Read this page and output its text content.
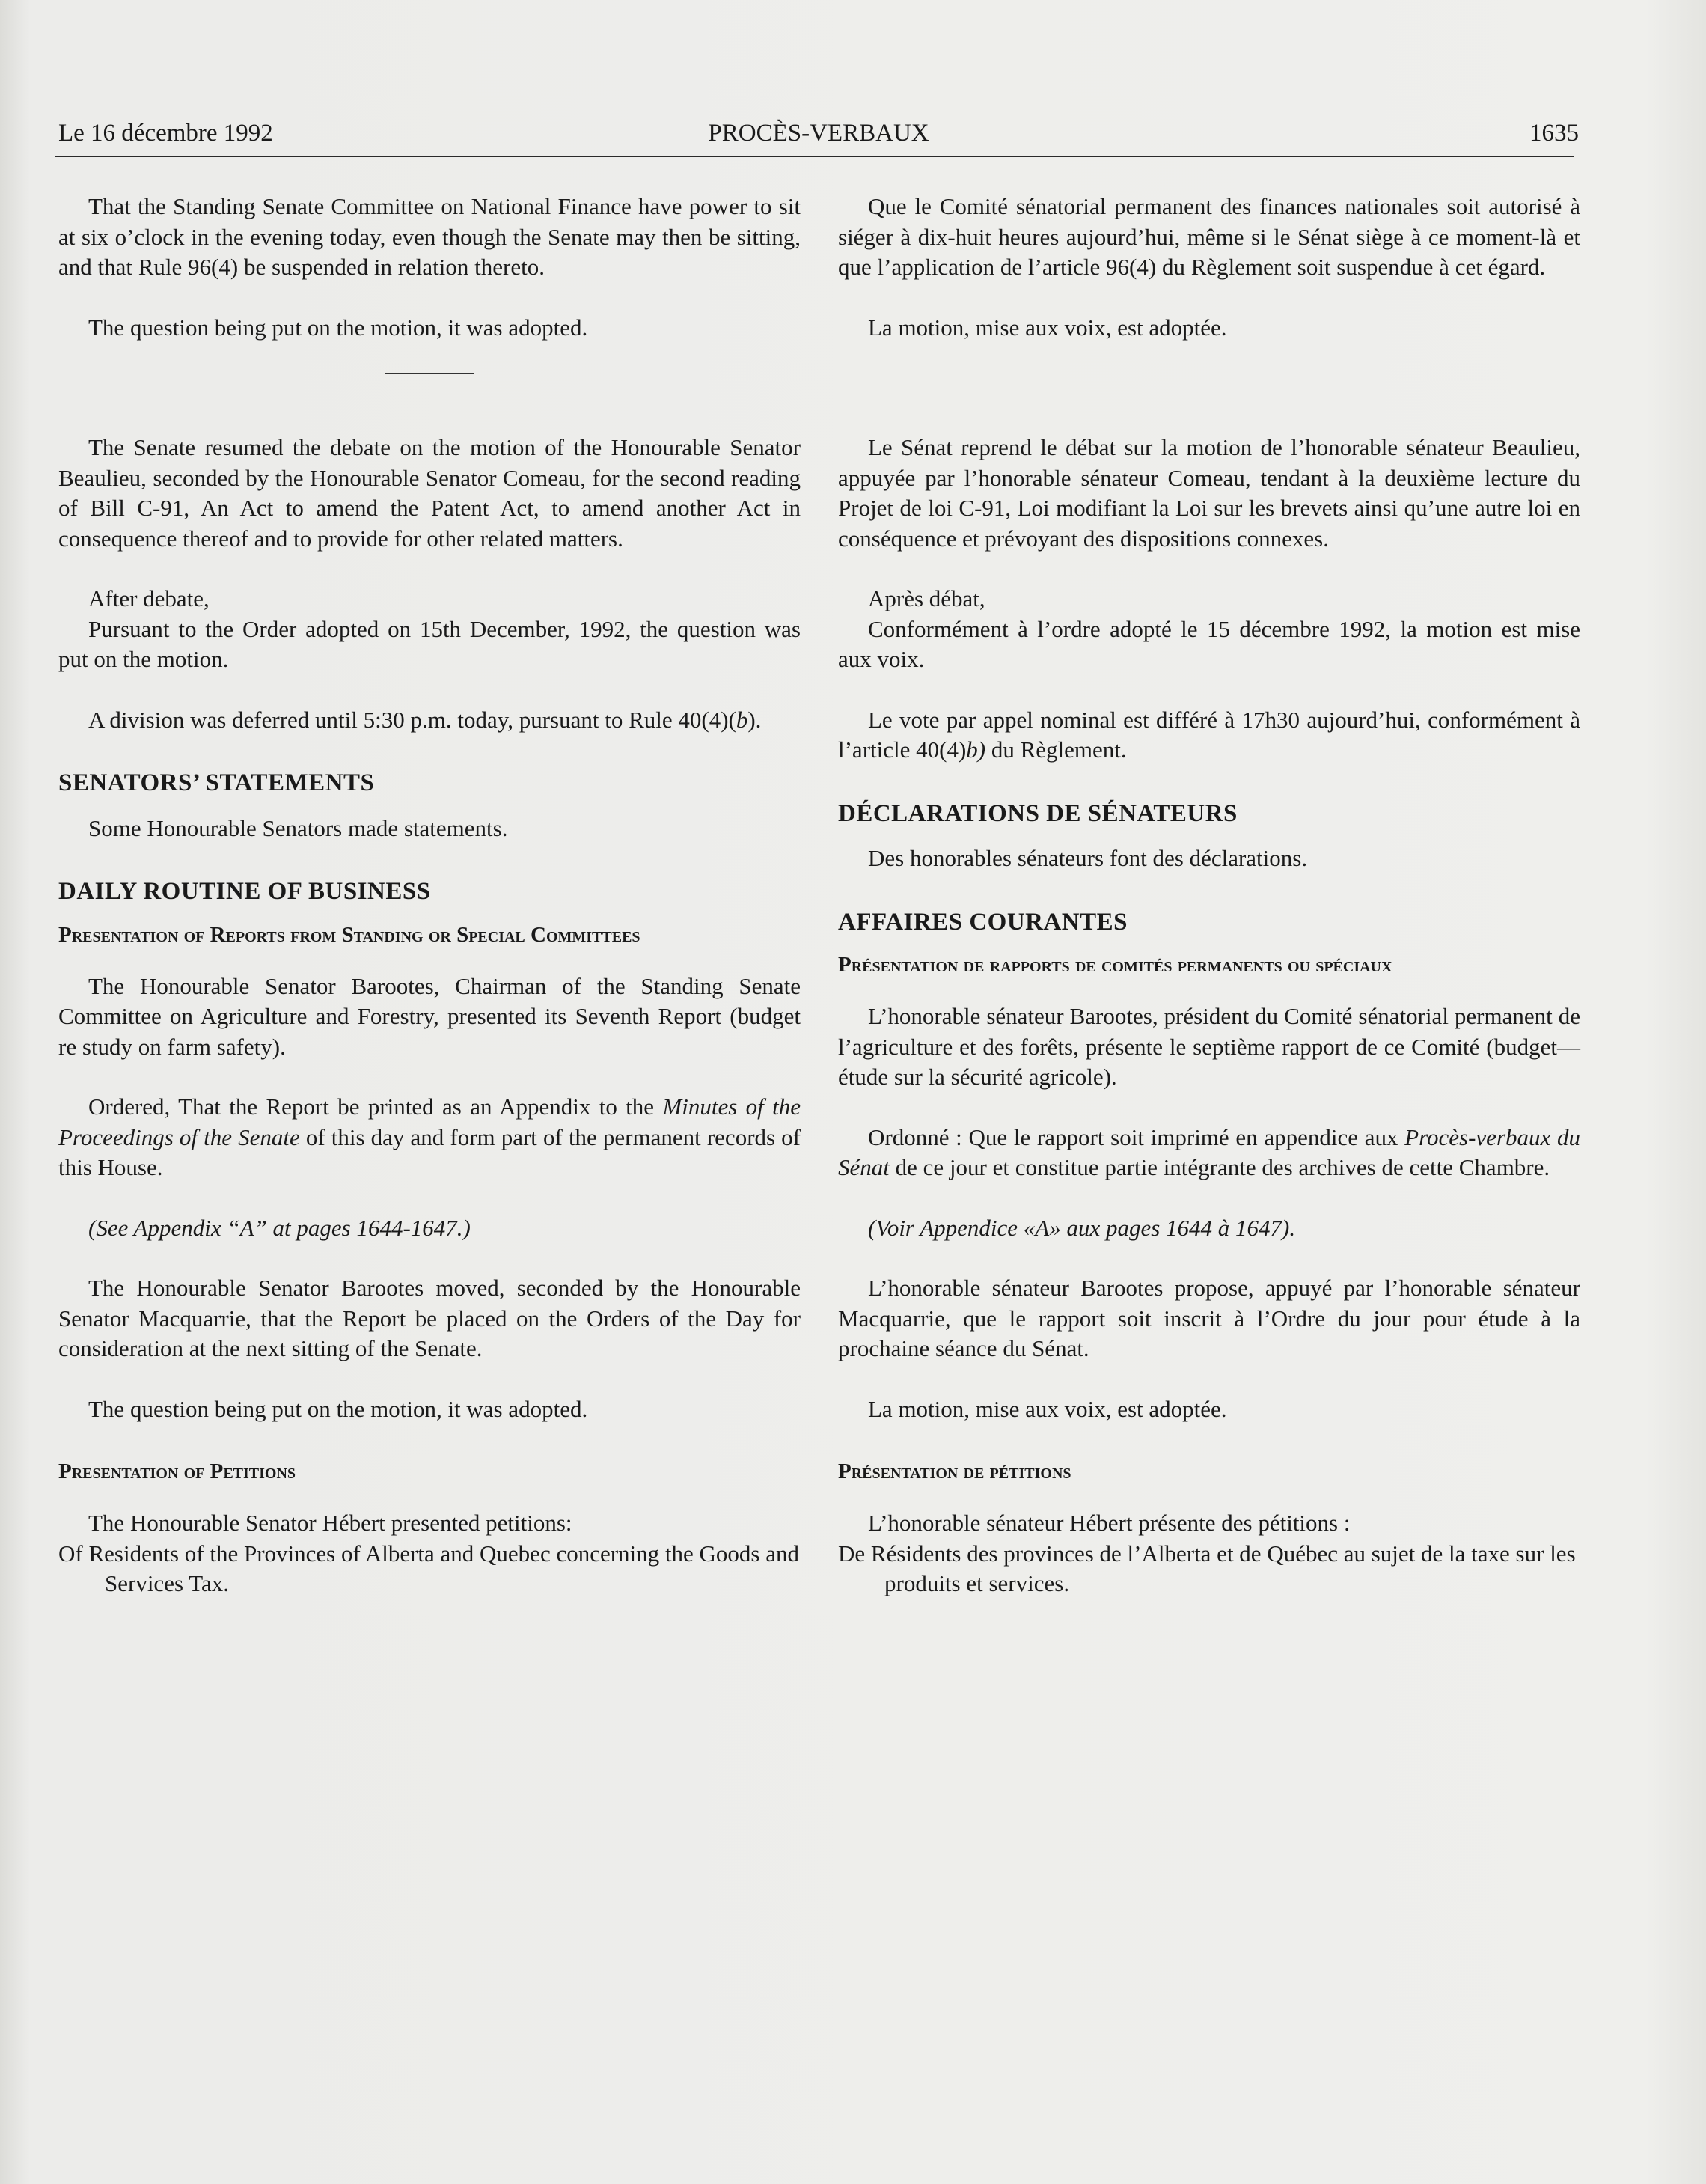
Le 16 décembre 1992	PROCÈS-VERBAUX	1635

That the Standing Senate Committee on National Finance have power to sit at six o’clock in the evening today, even though the Senate may then be sitting, and that Rule 96(4) be suspended in relation thereto.

The question being put on the motion, it was adopted.

The Senate resumed the debate on the motion of the Honourable Senator Beaulieu, seconded by the Honourable Senator Comeau, for the second reading of Bill C-91, An Act to amend the Patent Act, to amend another Act in consequence thereof and to provide for other related matters.

After debate,

Pursuant to the Order adopted on 15th December, 1992, the question was put on the motion.

A division was deferred until 5:30 p.m. today, pursuant to Rule 40(4)(b).

SENATORS’ STATEMENTS

Some Honourable Senators made statements.

DAILY ROUTINE OF BUSINESS

Presentation of Reports from Standing or Special Committees

The Honourable Senator Barootes, Chairman of the Standing Senate Committee on Agriculture and Forestry, presented its Seventh Report (budget re study on farm safety).

Ordered, That the Report be printed as an Appendix to the Minutes of the Proceedings of the Senate of this day and form part of the permanent records of this House.

(See Appendix “A” at pages 1644-1647.)

The Honourable Senator Barootes moved, seconded by the Honourable Senator Macquarrie, that the Report be placed on the Orders of the Day for consideration at the next sitting of the Senate.

The question being put on the motion, it was adopted.

Presentation of Petitions

The Honourable Senator Hébert presented petitions:

Of Residents of the Provinces of Alberta and Quebec concerning the Goods and Services Tax.

Que le Comité sénatorial permanent des finances nationales soit autorisé à siéger à dix-huit heures aujourd’hui, même si le Sénat siège à ce moment-là et que l’application de l’article 96(4) du Règlement soit suspendue à cet égard.

La motion, mise aux voix, est adoptée.

Le Sénat reprend le débat sur la motion de l’honorable sénateur Beaulieu, appuyée par l’honorable sénateur Comeau, tendant à la deuxième lecture du Projet de loi C-91, Loi modifiant la Loi sur les brevets ainsi qu’une autre loi en conséquence et prévoyant des dispositions connexes.

Après débat,

Conformément à l’ordre adopté le 15 décembre 1992, la motion est mise aux voix.

Le vote par appel nominal est différé à 17h30 aujourd’hui, conformément à l’article 40(4)b) du Règlement.

DÉCLARATIONS DE SÉNATEURS

Des honorables sénateurs font des déclarations.

AFFAIRES COURANTES

Présentation de rapports de comités permanents ou spéciaux

L’honorable sénateur Barootes, président du Comité sénatorial permanent de l’agriculture et des forêts, présente le septième rapport de ce Comité (budget—étude sur la sécurité agricole).

Ordonné : Que le rapport soit imprimé en appendice aux Procès-verbaux du Sénat de ce jour et constitue partie intégrante des archives de cette Chambre.

(Voir Appendice «A» aux pages 1644 à 1647).

L’honorable sénateur Barootes propose, appuyé par l’honorable sénateur Macquarrie, que le rapport soit inscrit à l’Ordre du jour pour étude à la prochaine séance du Sénat.

La motion, mise aux voix, est adoptée.

Présentation de pétitions

L’honorable sénateur Hébert présente des pétitions :

De Résidents des provinces de l’Alberta et de Québec au sujet de la taxe sur les produits et services.
